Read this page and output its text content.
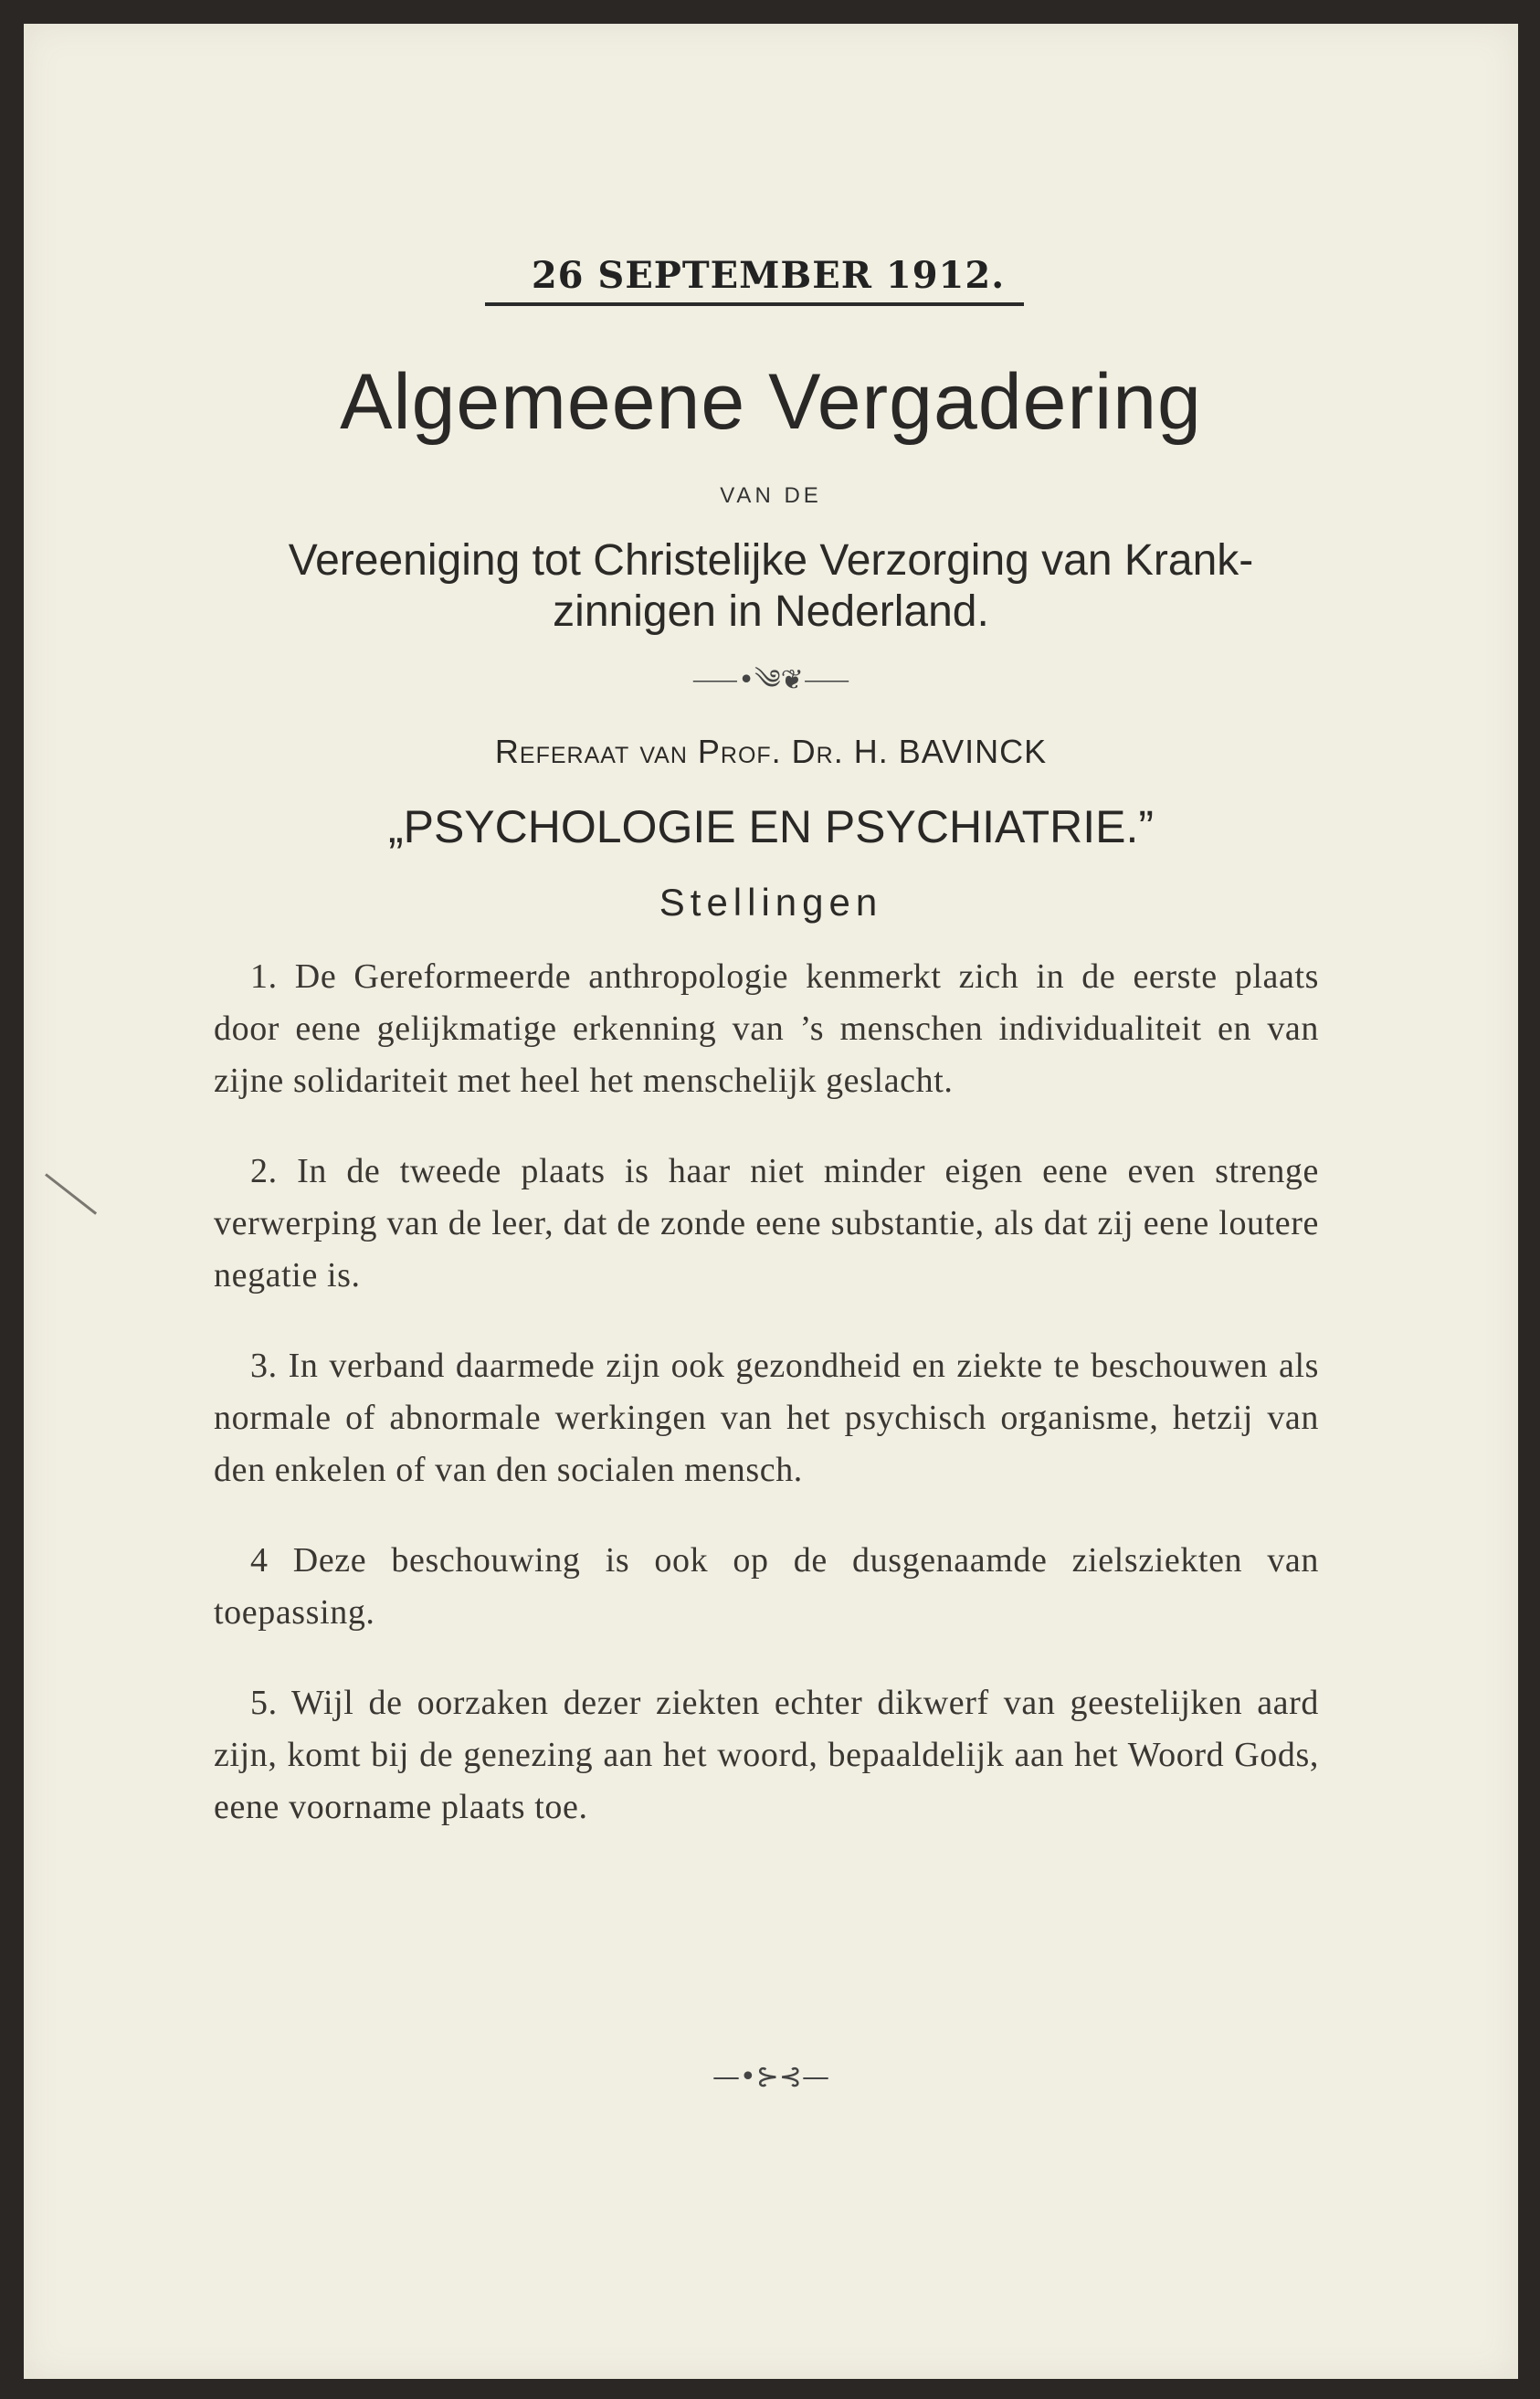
26 SEPTEMBER 1912.
Algemeene Vergadering
VAN DE
Vereeniging tot Christelijke Verzorging van Krank-
zinnigen in Nederland.
⸺•༄❦⸺
Referaat van Prof. Dr. H. BAVINCK
„PSYCHOLOGIE EN PSYCHIATRIE.”
Stellingen

1. De Gereformeerde anthropologie kenmerkt zich in de eerste plaats door eene gelijkmatige erkenning van ’s menschen individualiteit en van zijne solidariteit met heel het menschelijk geslacht.

2. In de tweede plaats is haar niet minder eigen eene even strenge verwerping van de leer, dat de zonde eene substantie, als dat zij eene loutere negatie is.

3. In verband daarmede zijn ook gezondheid en ziekte te beschouwen als normale of abnormale werkingen van het psychisch organisme, hetzij van den enkelen of van den socialen mensch.

4 Deze beschouwing is ook op de dusgenaamde zielsziekten van toepassing.

5. Wijl de oorzaken dezer ziekten echter dikwerf van geestelijken aard zijn, komt bij de genezing aan het woord, bepaaldelijk aan het Woord Gods, eene voorname plaats toe.

—•⊱⊰—
